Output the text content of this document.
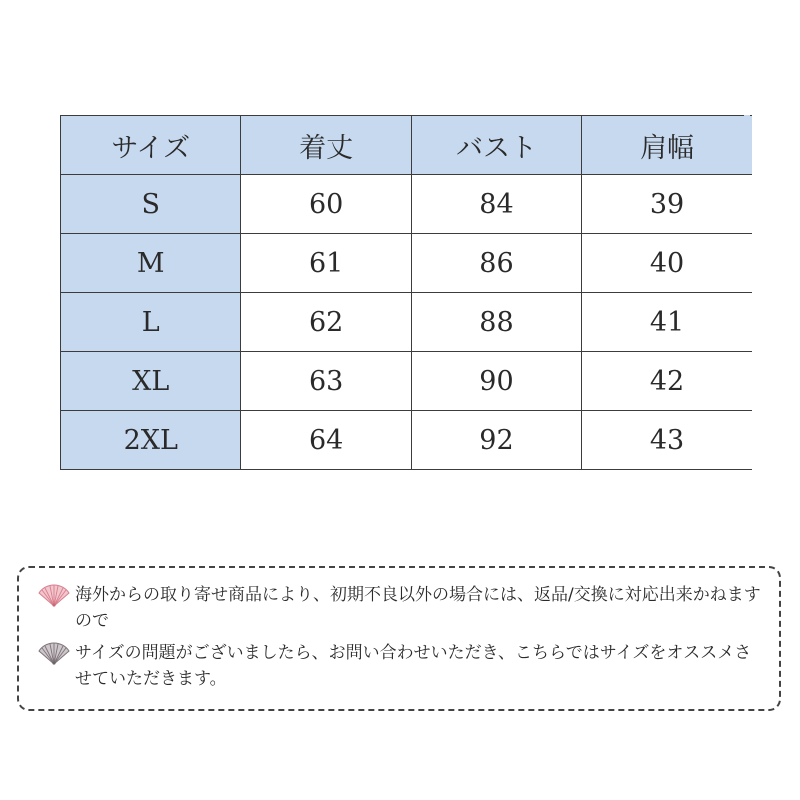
サイズ	着丈	バスト	肩幅
S	60	84	39
M	61	86	40
L	62	88	41
XL	63	90	42
2XL	64	92	43
海外からの取り寄せ商品により、初期不良以外の場合には、返品/交換に対応出来かねますので
サイズの問題がございましたら、お問い合わせいただき、こちらではサイズをオススメさせていただきます。
